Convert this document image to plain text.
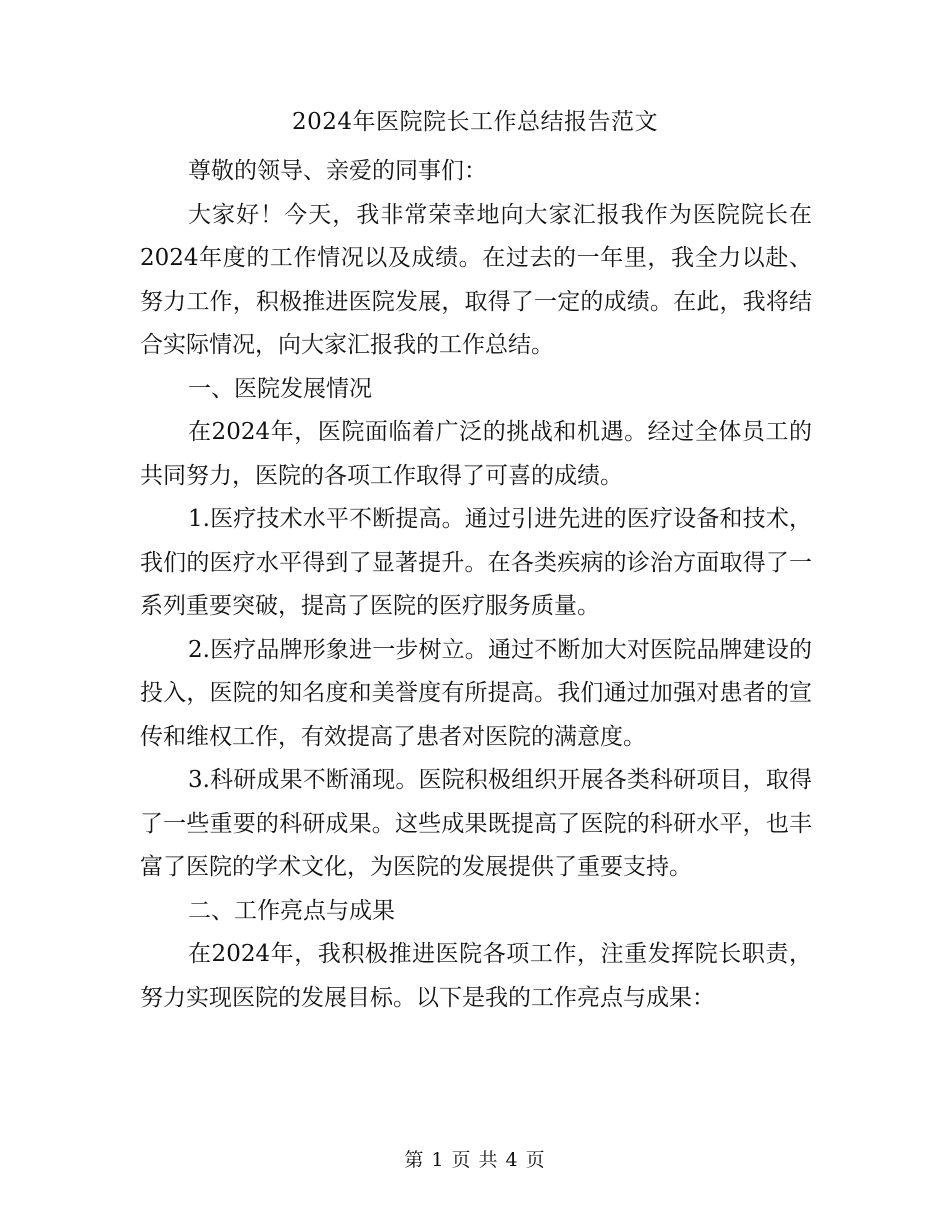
2024年医院院长工作总结报告范文

尊敬的领导、亲爱的同事们：

大家好！今天，我非常荣幸地向大家汇报我作为医院院长在2024年度的工作情况以及成绩。在过去的一年里，我全力以赴、努力工作，积极推进医院发展，取得了一定的成绩。在此，我将结合实际情况，向大家汇报我的工作总结。

一、医院发展情况

在2024年，医院面临着广泛的挑战和机遇。经过全体员工的共同努力，医院的各项工作取得了可喜的成绩。

1.医疗技术水平不断提高。通过引进先进的医疗设备和技术，我们的医疗水平得到了显著提升。在各类疾病的诊治方面取得了一系列重要突破，提高了医院的医疗服务质量。

2.医疗品牌形象进一步树立。通过不断加大对医院品牌建设的投入，医院的知名度和美誉度有所提高。我们通过加强对患者的宣传和维权工作，有效提高了患者对医院的满意度。

3.科研成果不断涌现。医院积极组织开展各类科研项目，取得了一些重要的科研成果。这些成果既提高了医院的科研水平，也丰富了医院的学术文化，为医院的发展提供了重要支持。

二、工作亮点与成果

在2024年，我积极推进医院各项工作，注重发挥院长职责，努力实现医院的发展目标。以下是我的工作亮点与成果：

第 1 页 共 4 页
